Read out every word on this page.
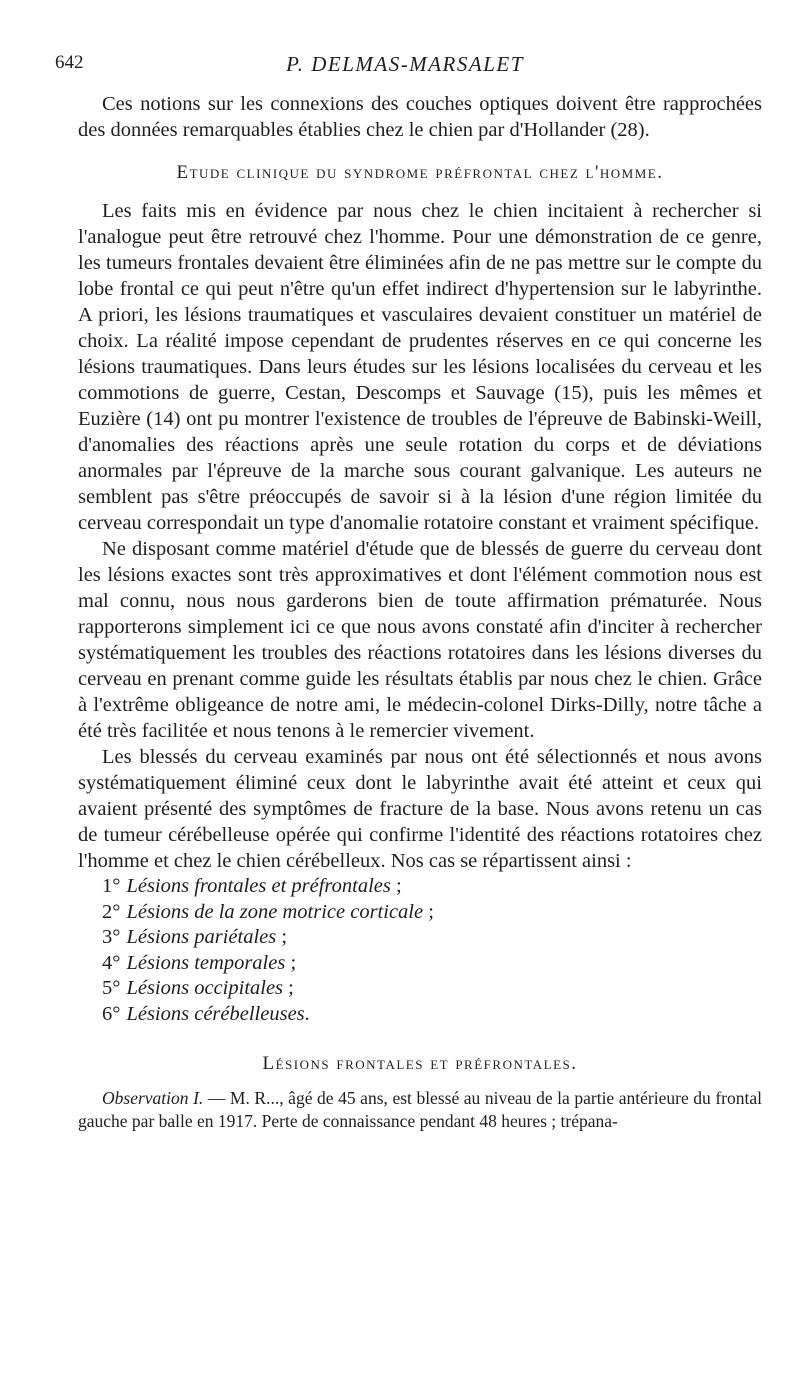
642	P. DELMAS-MARSALET

Ces notions sur les connexions des couches optiques doivent être rapprochées des données remarquables établies chez le chien par d'Hollander (28).

Etude clinique du syndrome préfrontal chez l'homme.

Les faits mis en évidence par nous chez le chien incitaient à rechercher si l'analogue peut être retrouvé chez l'homme. Pour une démonstration de ce genre, les tumeurs frontales devaient être éliminées afin de ne pas mettre sur le compte du lobe frontal ce qui peut n'être qu'un effet indirect d'hypertension sur le labyrinthe. A priori, les lésions traumatiques et vasculaires devaient constituer un matériel de choix. La réalité impose cependant de prudentes réserves en ce qui concerne les lésions traumatiques. Dans leurs études sur les lésions localisées du cerveau et les commotions de guerre, Cestan, Descomps et Sauvage (15), puis les mêmes et Euzière (14) ont pu montrer l'existence de troubles de l'épreuve de Babinski-Weill, d'anomalies des réactions après une seule rotation du corps et de déviations anormales par l'épreuve de la marche sous courant galvanique. Les auteurs ne semblent pas s'être préoccupés de savoir si à la lésion d'une région limitée du cerveau correspondait un type d'anomalie rotatoire constant et vraiment spécifique.

Ne disposant comme matériel d'étude que de blessés de guerre du cerveau dont les lésions exactes sont très approximatives et dont l'élément commotion nous est mal connu, nous nous garderons bien de toute affirmation prématurée. Nous rapporterons simplement ici ce que nous avons constaté afin d'inciter à rechercher systématiquement les troubles des réactions rotatoires dans les lésions diverses du cerveau en prenant comme guide les résultats établis par nous chez le chien. Grâce à l'extrême obligeance de notre ami, le médecin-colonel Dirks-Dilly, notre tâche a été très facilitée et nous tenons à le remercier vivement.

Les blessés du cerveau examinés par nous ont été sélectionnés et nous avons systématiquement éliminé ceux dont le labyrinthe avait été atteint et ceux qui avaient présenté des symptômes de fracture de la base. Nous avons retenu un cas de tumeur cérébelleuse opérée qui confirme l'identité des réactions rotatoires chez l'homme et chez le chien cérébelleux. Nos cas se répartissent ainsi :

1° Lésions frontales et préfrontales ;
2° Lésions de la zone motrice corticale ;
3° Lésions pariétales ;
4° Lésions temporales ;
5° Lésions occipitales ;
6° Lésions cérébelleuses.
Lésions frontales et préfrontales.

Observation I. — M. R..., âgé de 45 ans, est blessé au niveau de la partie antérieure du frontal gauche par balle en 1917. Perte de connaissance pendant 48 heures ; trépana-
